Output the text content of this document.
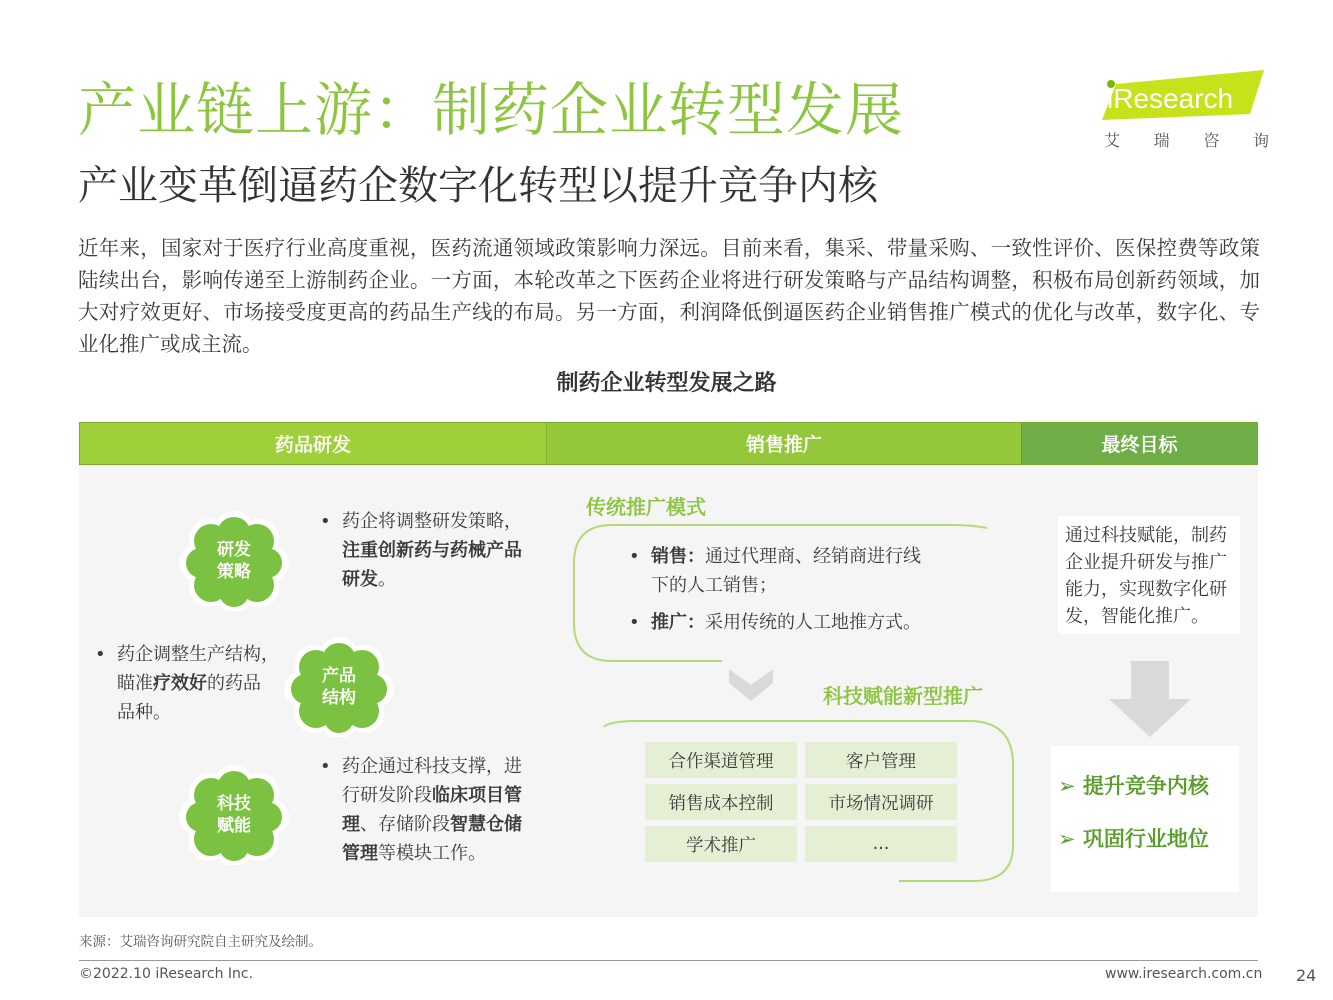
产业链上游：制药企业转型发展
产业变革倒逼药企数字化转型以提升竞争内核
iResearch
艾 瑞 咨 询
近年来，国家对于医疗行业高度重视，医药流通领域政策影响力深远。目前来看，集采、带量采购、一致性评价、医保控费等政策陆续出台，影响传递至上游制药企业。一方面，本轮改革之下医药企业将进行研发策略与产品结构调整，积极布局创新药领域，加大对疗效更好、市场接受度更高的药品生产线的布局。另一方面，利润降低倒逼医药企业销售推广模式的优化与改革，数字化、专业化推广或成主流。
制药企业转型发展之路
药品研发	销售推广	最终目标
研发
策略
产品
结构
科技
赋能
• 药企将调整研发策略，
注重创新药与药械产品
研发。
• 药企调整生产结构，
瞄准疗效好的药品
品种。
• 药企通过科技支撑，进
行研发阶段临床项目管
理、存储阶段智慧仓储
管理等模块工作。
传统推广模式
• 销售：通过代理商、经销商进行线
下的人工销售；
• 推广：采用传统的人工地推方式。
科技赋能新型推广
合作渠道管理	客户管理
销售成本控制	市场情况调研
学术推广	...
通过科技赋能，制药
企业提升研发与推广
能力，实现数字化研
发，智能化推广。
➢ 提升竞争内核
➢ 巩固行业地位
来源：艾瑞咨询研究院自主研究及绘制。
©2022.10 iResearch Inc.	www.iresearch.com.cn 24
